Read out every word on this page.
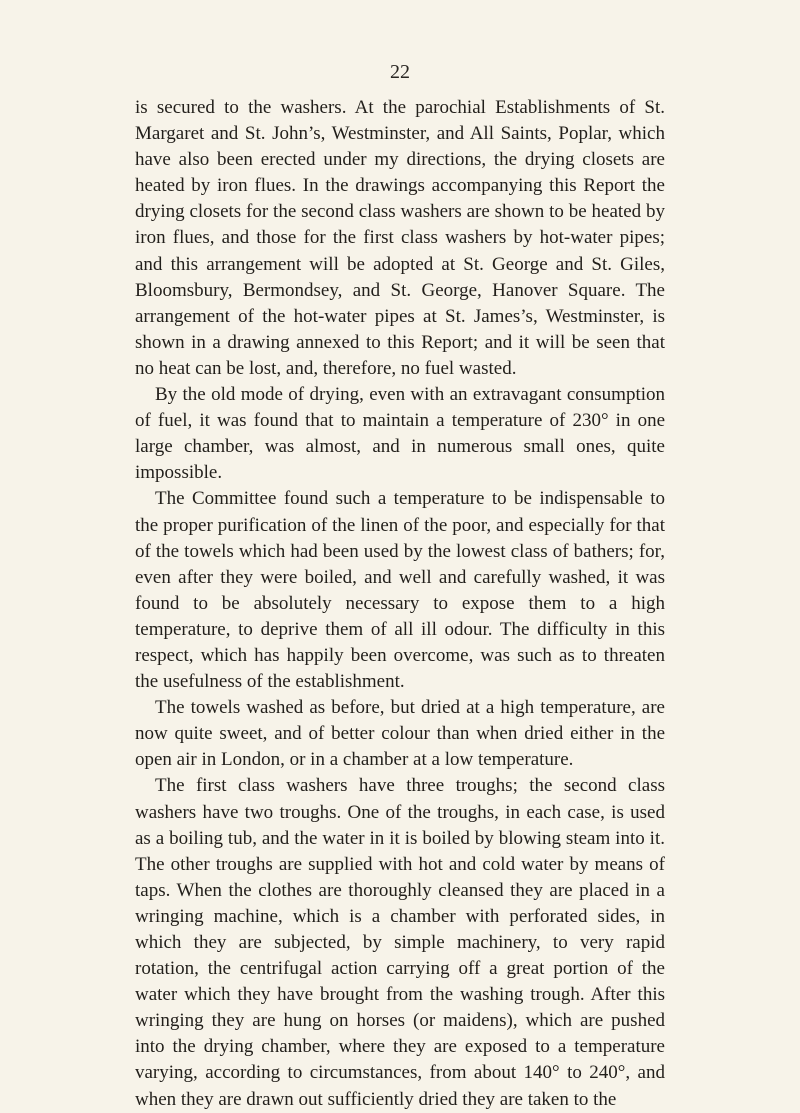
22

is secured to the washers. At the parochial Establishments of St. Margaret and St. John’s, Westminster, and All Saints, Poplar, which have also been erected under my directions, the drying closets are heated by iron flues. In the drawings accompanying this Report the drying closets for the second class washers are shown to be heated by iron flues, and those for the first class washers by hot-water pipes; and this arrangement will be adopted at St. George and St. Giles, Bloomsbury, Bermondsey, and St. George, Hanover Square. The arrangement of the hot-water pipes at St. James’s, Westminster, is shown in a drawing annexed to this Report; and it will be seen that no heat can be lost, and, therefore, no fuel wasted.

By the old mode of drying, even with an extravagant consumption of fuel, it was found that to maintain a temperature of 230° in one large chamber, was almost, and in numerous small ones, quite impossible.

The Committee found such a temperature to be indispensable to the proper purification of the linen of the poor, and especially for that of the towels which had been used by the lowest class of bathers; for, even after they were boiled, and well and carefully washed, it was found to be absolutely necessary to expose them to a high temperature, to deprive them of all ill odour. The difficulty in this respect, which has happily been overcome, was such as to threaten the usefulness of the establishment.

The towels washed as before, but dried at a high temperature, are now quite sweet, and of better colour than when dried either in the open air in London, or in a chamber at a low temperature.

The first class washers have three troughs; the second class washers have two troughs. One of the troughs, in each case, is used as a boiling tub, and the water in it is boiled by blowing steam into it. The other troughs are supplied with hot and cold water by means of taps. When the clothes are thoroughly cleansed they are placed in a wringing machine, which is a chamber with perforated sides, in which they are subjected, by simple machinery, to very rapid rotation, the centrifugal action carrying off a great portion of the water which they have brought from the washing trough. After this wringing they are hung on horses (or maidens), which are pushed into the drying chamber, where they are exposed to a temperature varying, according to circumstances, from about 140° to 240°, and when they are drawn out sufficiently dried they are taken to the
